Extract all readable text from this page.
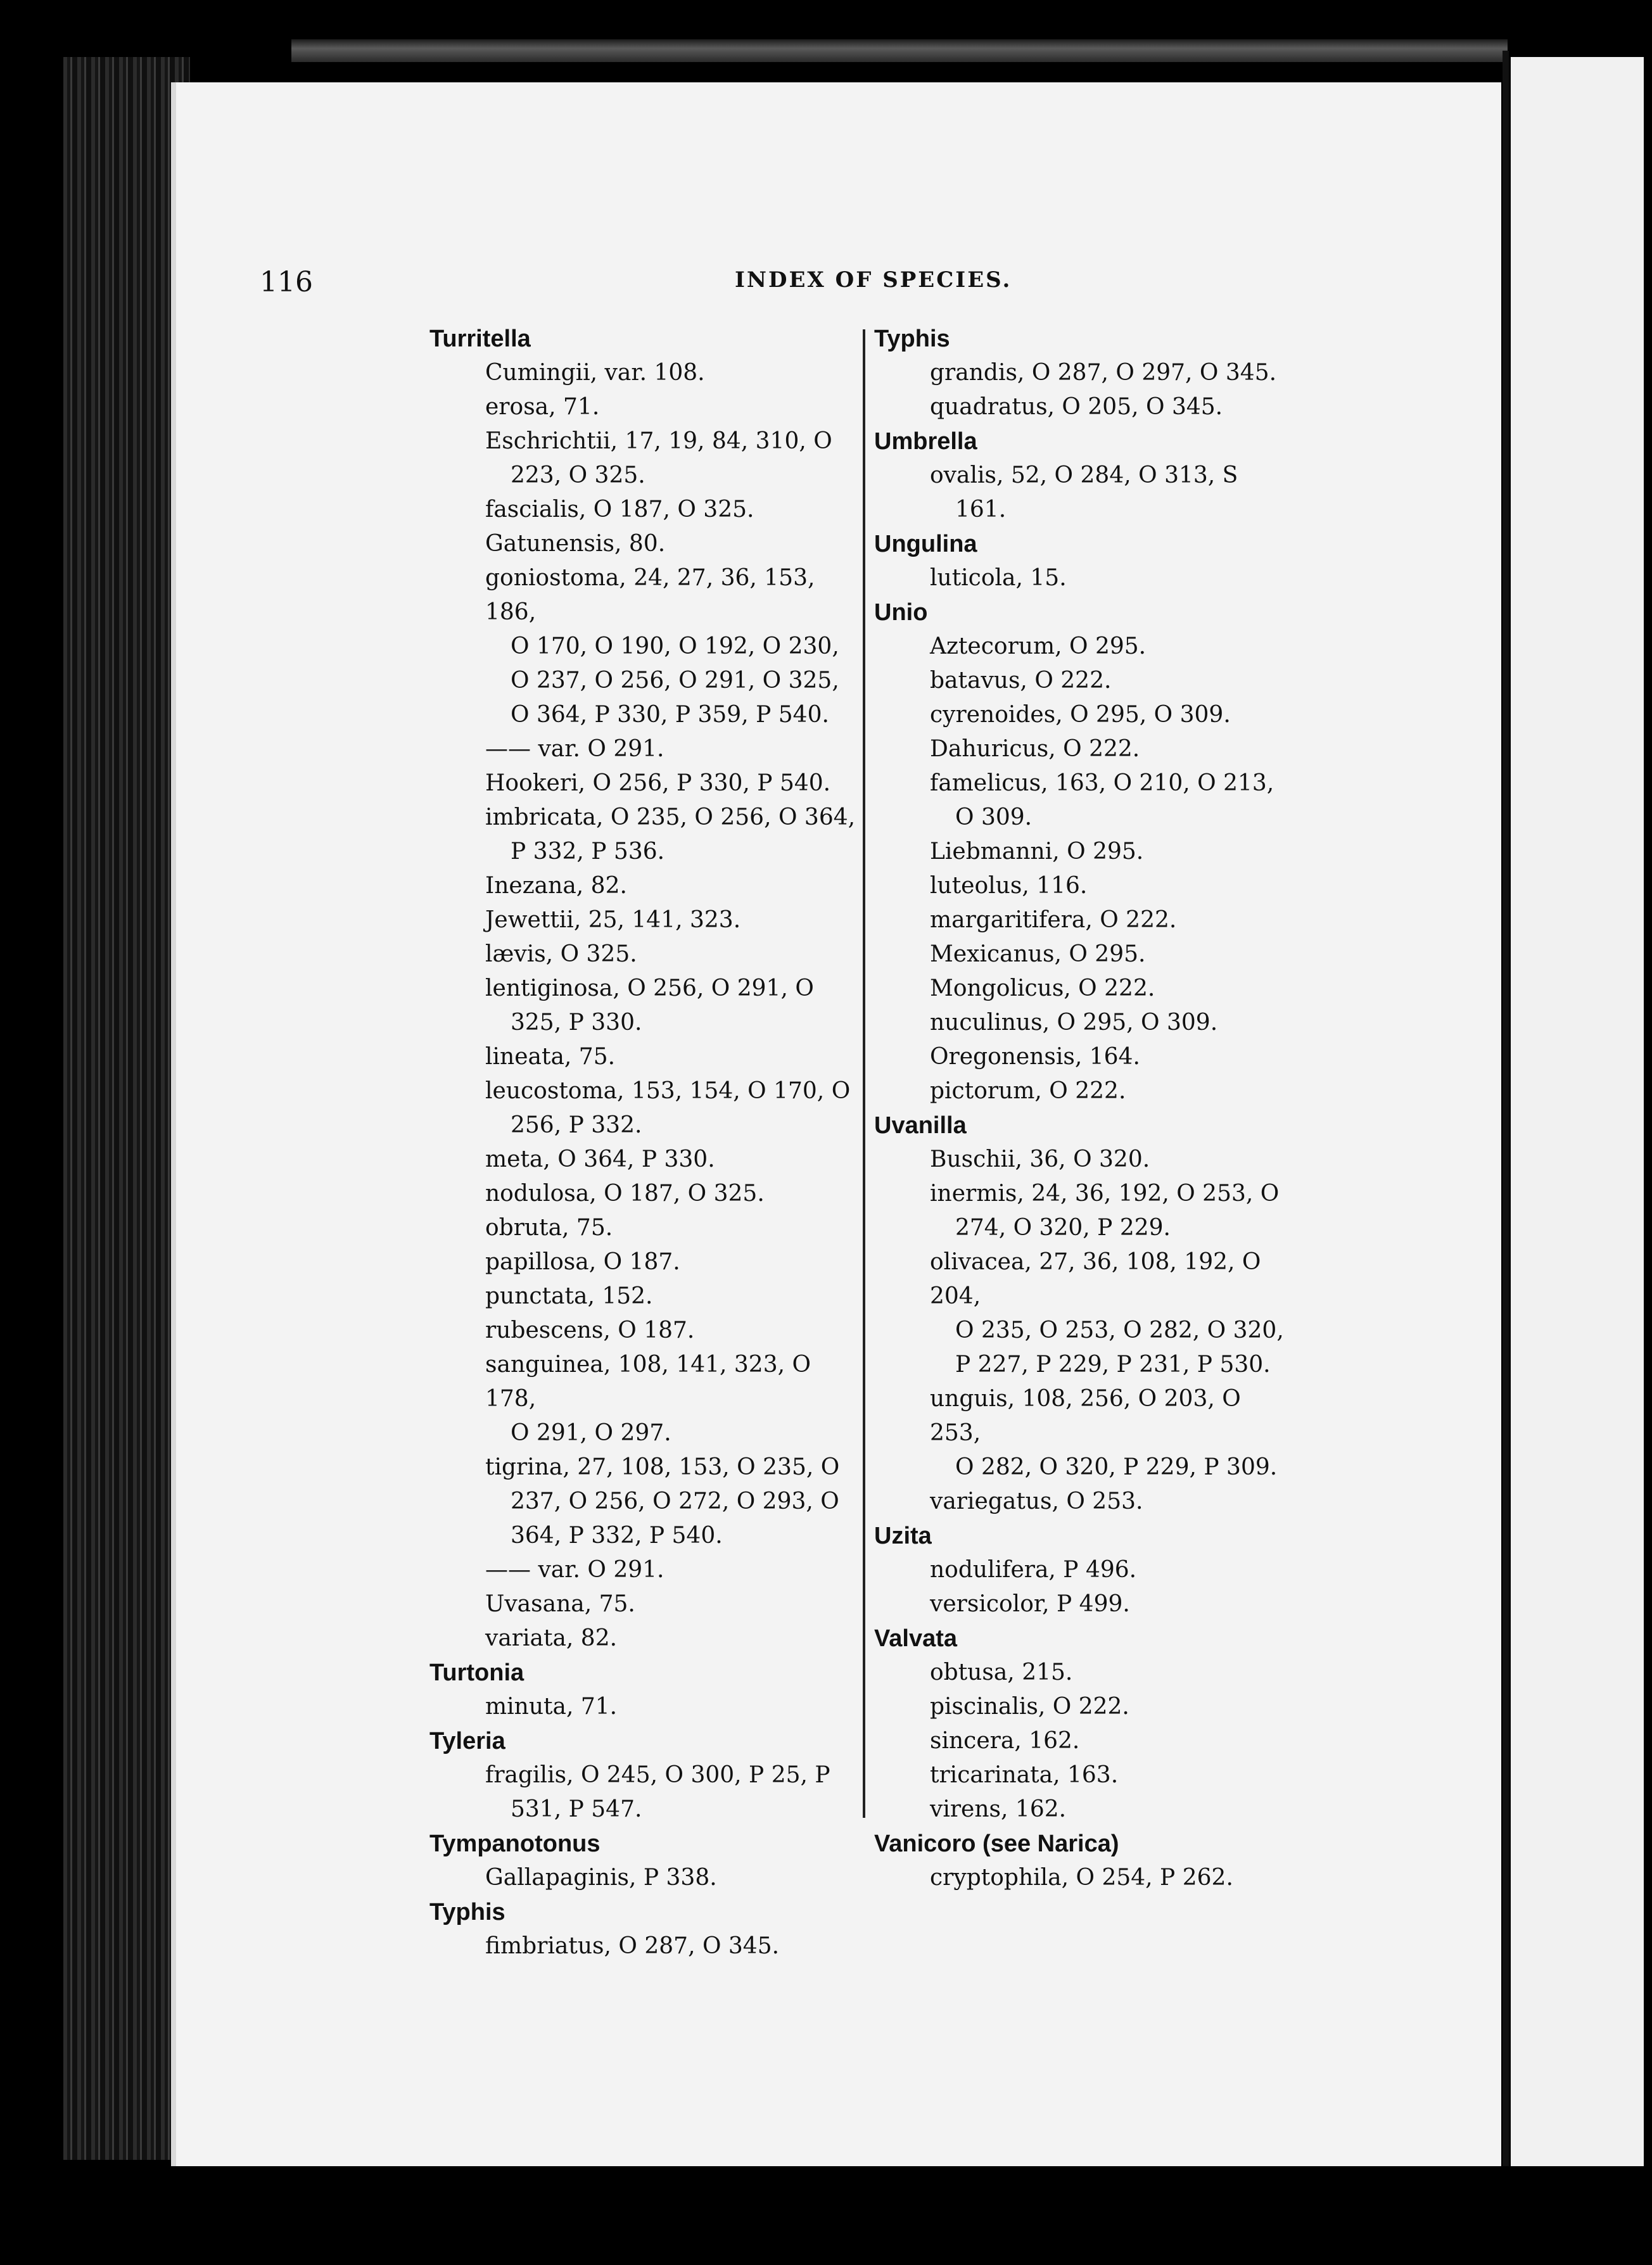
116	INDEX OF SPECIES.
Turritella
Cumingii, var. 108.
erosa, 71.
Eschrichtii, 17, 19, 84, 310, O
223, O 325.
fascialis, O 187, O 325.
Gatunensis, 80.
goniostoma, 24, 27, 36, 153, 186,
O 170, O 190, O 192, O 230,
O 237, O 256, O 291, O 325,
O 364, P 330, P 359, P 540.
—— var. O 291.
Hookeri, O 256, P 330, P 540.
imbricata, O 235, O 256, O 364,
P 332, P 536.
Inezana, 82.
Jewettii, 25, 141, 323.
lævis, O 325.
lentiginosa, O 256, O 291, O
325, P 330.
lineata, 75.
leucostoma, 153, 154, O 170, O
256, P 332.
meta, O 364, P 330.
nodulosa, O 187, O 325.
obruta, 75.
papillosa, O 187.
punctata, 152.
rubescens, O 187.
sanguinea, 108, 141, 323, O 178,
O 291, O 297.
tigrina, 27, 108, 153, O 235, O
237, O 256, O 272, O 293, O
364, P 332, P 540.
—— var. O 291.
Uvasana, 75.
variata, 82.
Turtonia
minuta, 71.
Tyleria
fragilis, O 245, O 300, P 25, P
531, P 547.
Tympanotonus
Gallapaginis, P 338.
Typhis
fimbriatus, O 287, O 345.
Typhis
grandis, O 287, O 297, O 345.
quadratus, O 205, O 345.
Umbrella
ovalis, 52, O 284, O 313, S
161.
Ungulina
luticola, 15.
Unio
Aztecorum, O 295.
batavus, O 222.
cyrenoides, O 295, O 309.
Dahuricus, O 222.
famelicus, 163, O 210, O 213,
O 309.
Liebmanni, O 295.
luteolus, 116.
margaritifera, O 222.
Mexicanus, O 295.
Mongolicus, O 222.
nuculinus, O 295, O 309.
Oregonensis, 164.
pictorum, O 222.
Uvanilla
Buschii, 36, O 320.
inermis, 24, 36, 192, O 253, O
274, O 320, P 229.
olivacea, 27, 36, 108, 192, O 204,
O 235, O 253, O 282, O 320,
P 227, P 229, P 231, P 530.
unguis, 108, 256, O 203, O 253,
O 282, O 320, P 229, P 309.
variegatus, O 253.
Uzita
nodulifera, P 496.
versicolor, P 499.
Valvata
obtusa, 215.
piscinalis, O 222.
sincera, 162.
tricarinata, 163.
virens, 162.
Vanicoro (see Narica)
cryptophila, O 254, P 262.
